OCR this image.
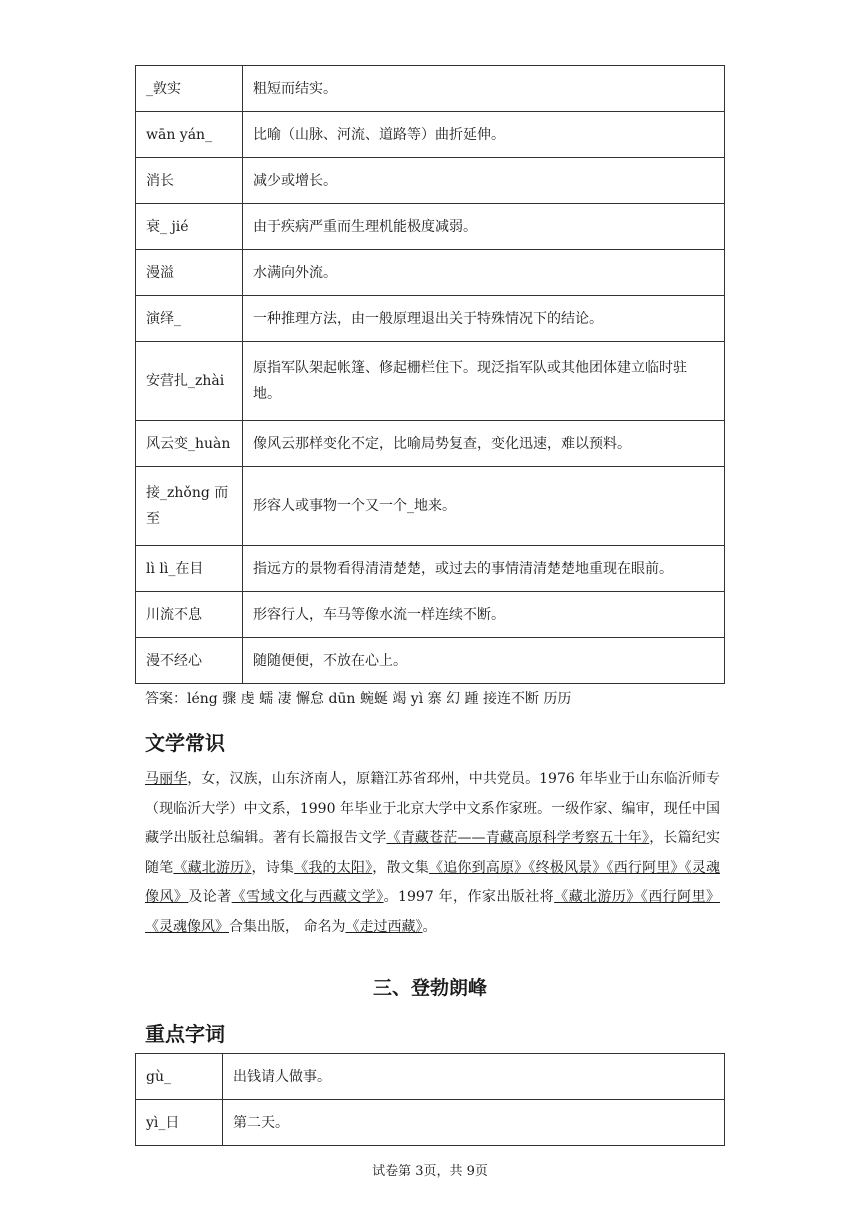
_敦实	粗短而结实。
wān yán_	比喻（山脉、河流、道路等）曲折延伸。
消长	减少或增长。
衰_ jié	由于疾病严重而生理机能极度减弱。
漫溢	水满向外流。
演绎_	一种推理方法，由一般原理退出关于特殊情况下的结论。
安营扎_zhài	原指军队架起帐篷、修起栅栏住下。现泛指军队或其他团体建立临时驻地。
风云变_huàn	像风云那样变化不定，比喻局势复查，变化迅速，难以预料。
接_zhǒng 而至	形容人或事物一个又一个_地来。
lì lì_在目	指远方的景物看得清清楚楚，或过去的事情清清楚楚地重现在眼前。
川流不息	形容行人，车马等像水流一样连续不断。
漫不经心	随随便便，不放在心上。
答案：léng 骤 虔 蠕 凄 懈怠 dūn 蜿蜒 竭 yì 寨 幻 踵 接连不断 历历
文学常识
马丽华，女，汉族，山东济南人，原籍江苏省邳州，中共党员。1976 年毕业于山东临沂师专（现临沂大学）中文系，1990 年毕业于北京大学中文系作家班。一级作家、编审，现任中国藏学出版社总编辑。著有长篇报告文学《青藏苍茫——青藏高原科学考察五十年》，长篇纪实随笔《藏北游历》，诗集《我的太阳》，散文集《追你到高原》《终极风景》《西行阿里》《灵魂像风》及论著《雪域文化与西藏文学》。1997 年，作家出版社将《藏北游历》《西行阿里》《灵魂像风》合集出版， 命名为《走过西藏》。
三、登勃朗峰
重点字词
gù_	出钱请人做事。
yì_日	第二天。
试卷第 3页，共 9页
